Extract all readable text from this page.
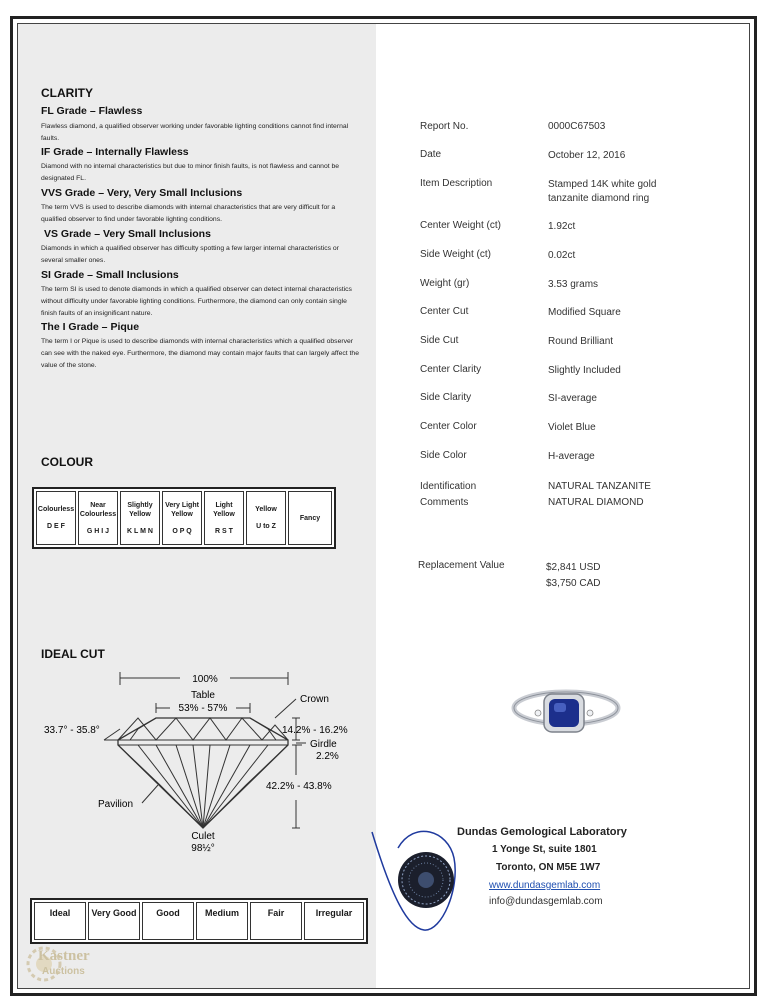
CLARITY
FL Grade – Flawless
Flawless diamond, a qualified observer working under favorable lighting conditions cannot find internal faults.
IF Grade – Internally Flawless
Diamond with no internal characteristics but due to minor finish faults, is not flawless and cannot be designated FL.
VVS Grade – Very, Very Small Inclusions
The term VVS is used to describe diamonds with internal characteristics that are very difficult for a qualified observer to find under favorable lighting conditions.
VS Grade – Very Small Inclusions
Diamonds in which a qualified observer has difficulty spotting a few larger internal characteristics or several smaller ones.
SI Grade – Small Inclusions
The term SI is used to denote diamonds in which a qualified observer can detect internal characteristics without difficulty under favorable lighting conditions. Furthermore, the diamond can only contain single finish faults of an insignificant nature.
The I Grade – Pique
The term I or Pique is used to describe diamonds with internal characteristics which a qualified observer can see with the naked eye. Furthermore, the diamond may contain major faults that can largely affect the value of the stone.
COLOUR
Colourless
D E F
	Near Colourless
G H I J
	Slightly Yellow
K L M N
	Very Light Yellow
O P Q
	Light Yellow
R S T
	Yellow
U to Z
	Fancy
IDEAL CUT
100%
Table
53% - 57%
Crown
33.7° - 35.8°	14.2% - 16.2%
Girdle
2.2%
42.2% - 43.8%
Pavilion
Culet
98½°
Ideal	Very Good	Good	Medium	Fair	Irregular
Kastner
Auctions
Report No.	0000C67503
Date	October 12, 2016
Item Description	Stamped 14K white gold tanzanite diamond ring
Center Weight (ct)	1.92ct
Side Weight (ct)	0.02ct
Weight (gr)	3.53 grams
Center Cut	Modified Square
Side Cut	Round Brilliant
Center Clarity	Slightly Included
Side Clarity	SI-average
Center Color	Violet Blue
Side Color	H-average
Identification Comments
NATURAL TANZANITE NATURAL DIAMOND
Replacement Value	$2,841 USD $3,750 CAD
Dundas Gemological Laboratory
1 Yonge St, suite 1801
Toronto, ON M5E 1W7
www.dundasgemlab.com
info@dundasgemlab.com
